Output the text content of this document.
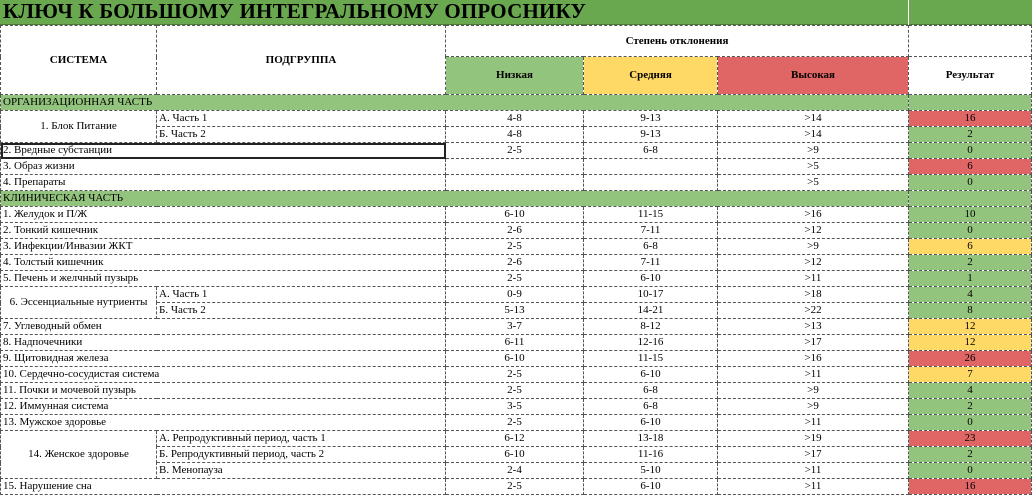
КЛЮЧ К БОЛЬШОМУ ИНТЕГРАЛЬНОМУ ОПРОСНИКУ
СИСТЕМА	ПОДГРУППА	Степень отклонения			
		Низкая	Средняя	Высокая	Результат
ОРГАНИЗАЦИОННАЯ ЧАСТЬ					
1. Блок Питание	А. Часть 1	4-8	9-13	>14	16
	Б. Часть 2	4-8	9-13	>14	2
2. Вредные субстанции		2-5	6-8	>9	0
3. Образ жизни				>5	6
4. Препараты				>5	0
КЛИНИЧЕСКАЯ ЧАСТЬ					
1. Желудок и П/Ж		6-10	11-15	>16	10
2. Тонкий кишечник		2-6	7-11	>12	0
3. Инфекции/Инвазии ЖКТ		2-5	6-8	>9	6
4. Толстый кишечник		2-6	7-11	>12	2
5. Печень и желчный пузырь		2-5	6-10	>11	1
6. Эссенциальные нутриенты	А. Часть 1	0-9	10-17	>18	4
	Б. Часть 2	5-13	14-21	>22	8
7. Углеводный обмен		3-7	8-12	>13	12
8. Надпочечники		6-11	12-16	>17	12
9. Щитовидная железа		6-10	11-15	>16	26
10. Сердечно-сосудистая система		2-5	6-10	>11	7
11. Почки и мочевой пузырь		2-5	6-8	>9	4
12. Иммунная система		3-5	6-8	>9	2
13. Мужское здоровье		2-5	6-10	>11	0
14. Женское здоровье	А. Репродуктивный период, часть 1	6-12	13-18	>19	23
	Б. Репродуктивный период, часть 2	6-10	11-16	>17	2
	В. Менопауза	2-4	5-10	>11	0
15. Нарушение сна		2-5	6-10	>11	16
